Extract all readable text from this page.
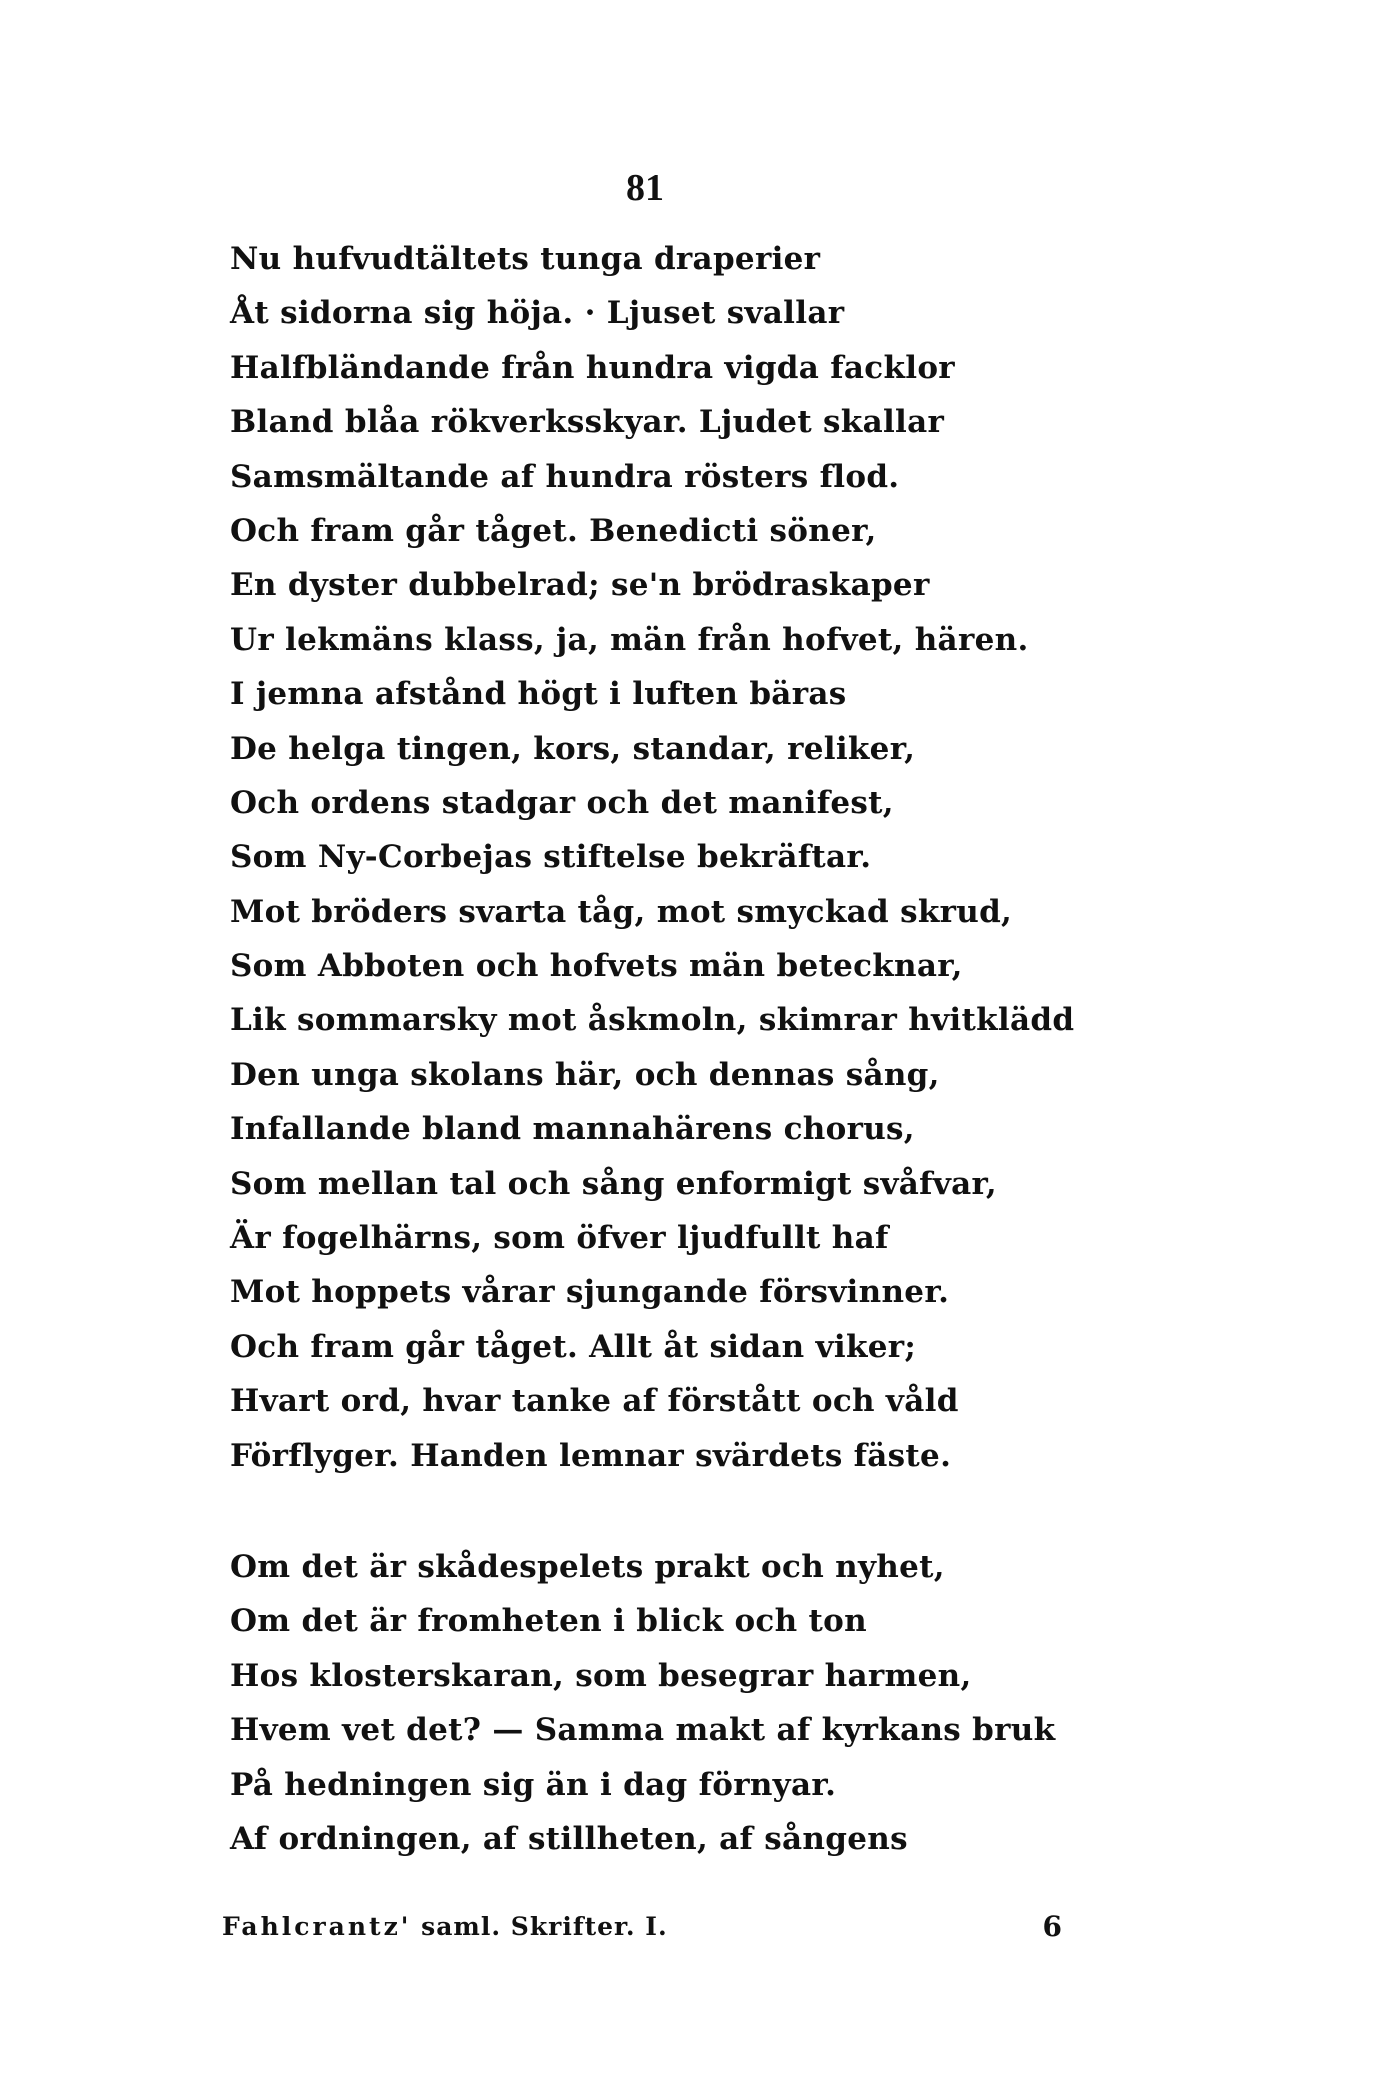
81

Nu hufvudtältets tunga draperier
Åt sidorna sig höja. · Ljuset svallar
Halfbländande från hundra vigda facklor
Bland blåa rökverksskyar. Ljudet skallar
Samsmältande af hundra rösters flod.
Och fram går tåget. Benedicti söner,
En dyster dubbelrad; se'n brödraskaper
Ur lekmäns klass, ja, män från hofvet, hären.
I jemna afstånd högt i luften bäras
De helga tingen, kors, standar, reliker,
Och ordens stadgar och det manifest,
Som Ny-Corbejas stiftelse bekräftar.
Mot bröders svarta tåg, mot smyckad skrud,
Som Abboten och hofvets män betecknar,
Lik sommarsky mot åskmoln, skimrar hvitklädd
Den unga skolans här, och dennas sång,
Infallande bland mannahärens chorus,
Som mellan tal och sång enformigt svåfvar,
Är fogelhärns, som öfver ljudfullt haf
Mot hoppets vårar sjungande försvinner.
Och fram går tåget. Allt åt sidan viker;
Hvart ord, hvar tanke af förstått och våld
Förflyger. Handen lemnar svärdets fäste.
Om det är skådespelets prakt och nyhet,
Om det är fromheten i blick och ton
Hos klosterskaran, som besegrar harmen,
Hvem vet det? — Samma makt af kyrkans bruk
På hedningen sig än i dag förnyar.
Af ordningen, af stillheten, af sångens
Fahlcrantz' saml. Skrifter. I.	6
